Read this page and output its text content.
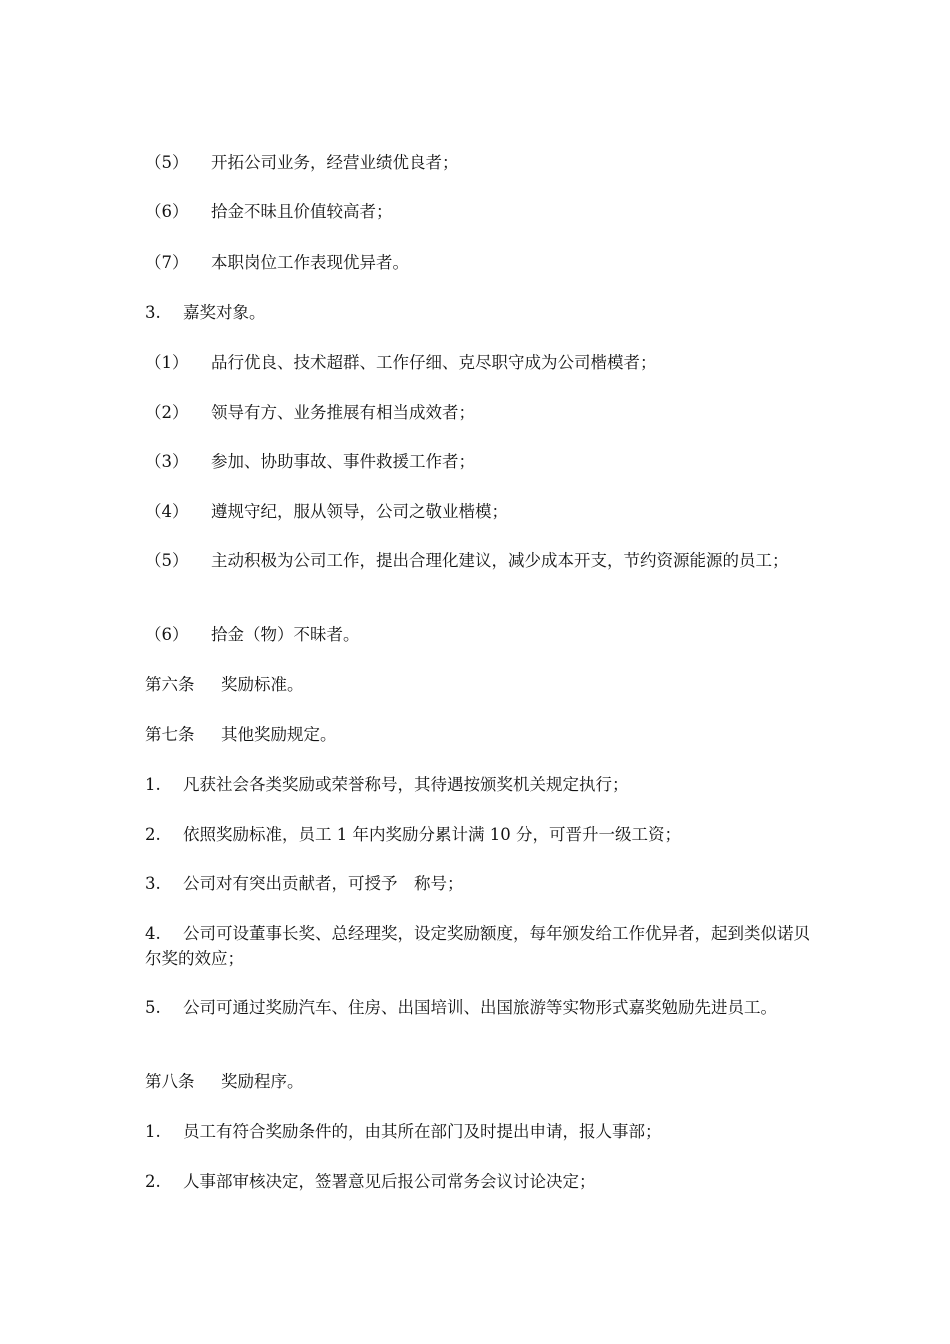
（5） 开拓公司业务，经营业绩优良者；

（6） 拾金不昧且价值较高者；

（7） 本职岗位工作表现优异者。

3. 嘉奖对象。

（1） 品行优良、技术超群、工作仔细、克尽职守成为公司楷模者；

（2） 领导有方、业务推展有相当成效者；

（3） 参加、协助事故、事件救援工作者；

（4） 遵规守纪，服从领导，公司之敬业楷模；

（5） 主动积极为公司工作，提出合理化建议，减少成本开支，节约资源能源的员工；

（6） 拾金（物）不昧者。

第六条 奖励标准。

第七条 其他奖励规定。

1. 凡获社会各类奖励或荣誉称号，其待遇按颁奖机关规定执行；

2. 依照奖励标准，员工 1 年内奖励分累计满 10 分，可晋升一级工资；

3. 公司对有突出贡献者，可授予　称号；

4. 公司可设董事长奖、总经理奖，设定奖励额度，每年颁发给工作优异者，起到类似诺贝尔奖的效应；

5. 公司可通过奖励汽车、住房、出国培训、出国旅游等实物形式嘉奖勉励先进员工。

第八条 奖励程序。

1. 员工有符合奖励条件的，由其所在部门及时提出申请，报人事部；

2. 人事部审核决定，签署意见后报公司常务会议讨论决定；
